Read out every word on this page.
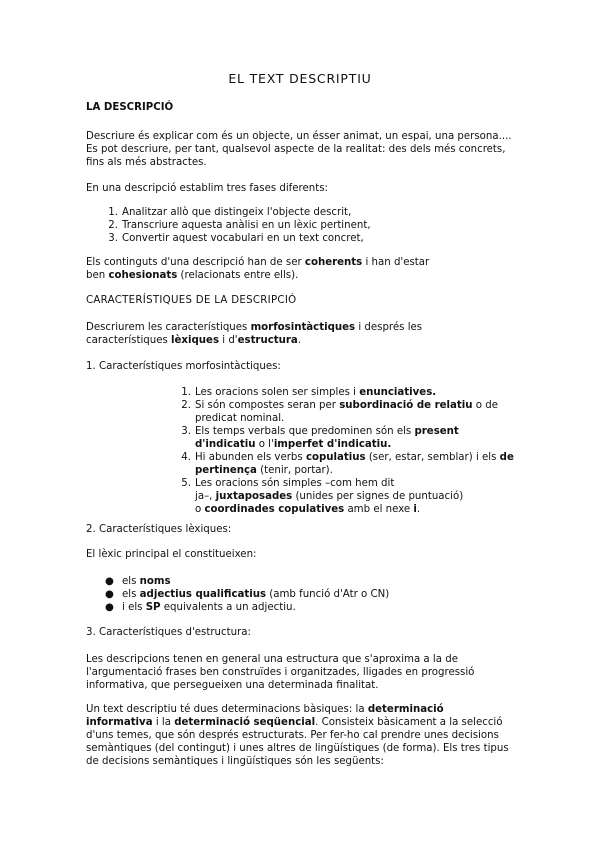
EL TEXT DESCRIPTIU
LA DESCRIPCIÓ
Descriure és explicar com és un objecte, un ésser animat, un espai, una persona....
Es pot descriure, per tant, qualsevol aspecte de la realitat: des dels més concrets,
fins als més abstractes.
En una descripció establim tres fases diferents:
1. Analitzar allò que distingeix l'objecte descrit,
2. Transcriure aquesta anàlisi en un lèxic pertinent,
3. Convertir aquest vocabulari en un text concret,
Els continguts d'una descripció han de ser coherents i han d'estar
ben cohesionats (relacionats entre ells).
CARACTERÍSTIQUES DE LA DESCRIPCIÓ
Descriurem les característiques morfosintàctiques i després les
característiques lèxiques i d'estructura.
1. Característiques morfosintàctiques:
1. Les oracions solen ser simples i enunciatives.
2. Si són compostes seran per subordinació de relatiu o de
predicat nominal.
3. Els temps verbals que predominen són els present
d'indicatiu o l'imperfet d'indicatiu.
4. Hi abunden els verbs copulatius (ser, estar, semblar) i els de
pertinença (tenir, portar).
5. Les oracions són simples –com hem dit
ja–, juxtaposades (unides per signes de puntuació)
o coordinades copulatives amb el nexe i.
2. Característiques lèxiques:
El lèxic principal el constitueixen:
● els noms
● els adjectius qualificatius (amb funció d'Atr o CN)
● i els SP equivalents a un adjectiu.
3. Característiques d'estructura:
Les descripcions tenen en general una estructura que s'aproxima a la de
l'argumentació frases ben construïdes i organitzades, lligades en progressió
informativa, que persegueixen una determinada finalitat.
Un text descriptiu té dues determinacions bàsiques: la determinació
informativa i la determinació seqüencial. Consisteix bàsicament a la selecció
d'uns temes, que són després estructurats. Per fer-ho cal prendre unes decisions
semàntiques (del contingut) i unes altres de lingüístiques (de forma). Els tres tipus
de decisions semàntiques i lingüístiques són les següents:
